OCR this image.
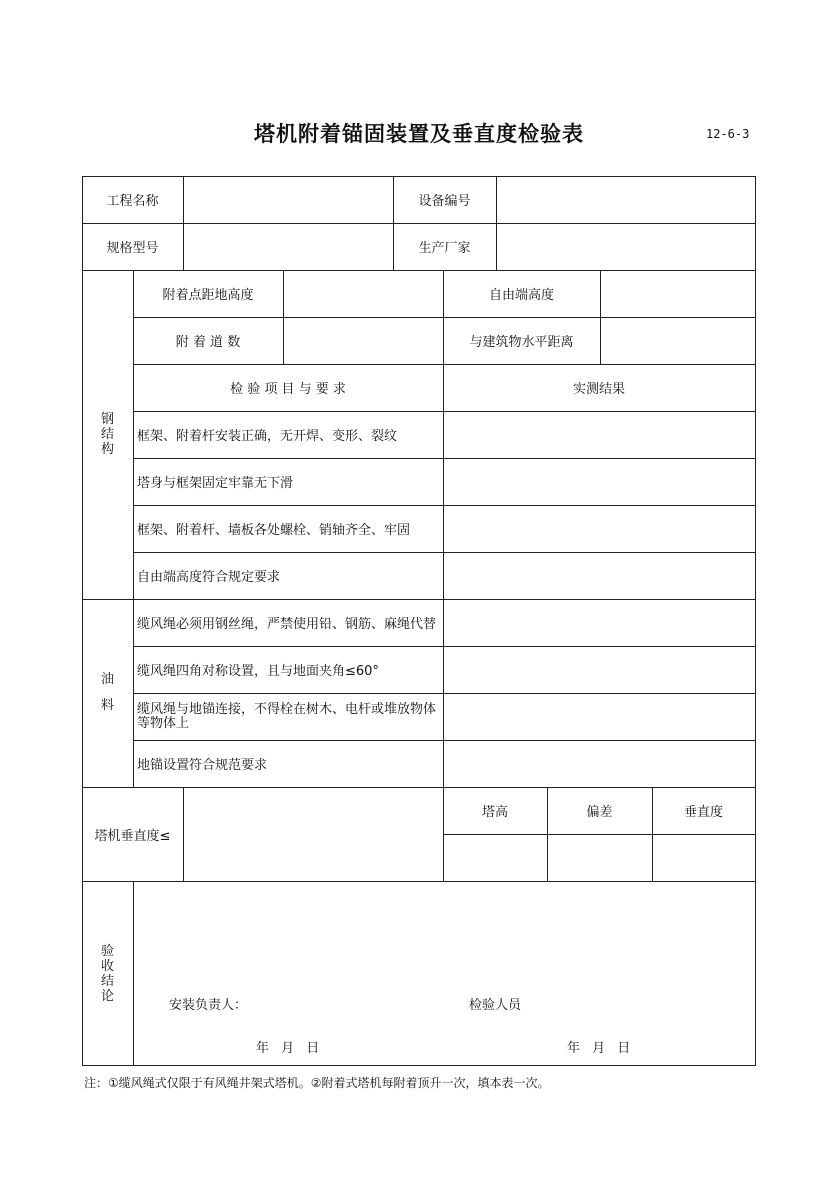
塔机附着锚固装置及垂直度检验表	12-6-3
工程名称	设备编号
规格型号	生产厂家
钢
结
构
附着点距地高度	自由端高度
附 着 道 数	与建筑物水平距离
检 验 项 目 与 要 求	实测结果
框架、附着杆安装正确，无开焊、变形、裂纹
塔身与框架固定牢靠无下滑
框架、附着杆、墙板各处螺栓、销轴齐全、牢固
自由端高度符合规定要求
油
料
缆风绳必须用钢丝绳，严禁使用铅、钢筋、麻绳代替
缆风绳四角对称设置，且与地面夹角≤60°
缆风绳与地锚连接，不得栓在树木、电杆或堆放物体等物体上
地锚设置符合规范要求
塔机垂直度≤
塔高	偏差	垂直度
验
收
结
论
安装负责人：	检验人员
年 月 日	年 月 日
注：①缆风绳式仅限于有风绳井架式塔机。②附着式塔机每附着顶升一次，填本表一次。
